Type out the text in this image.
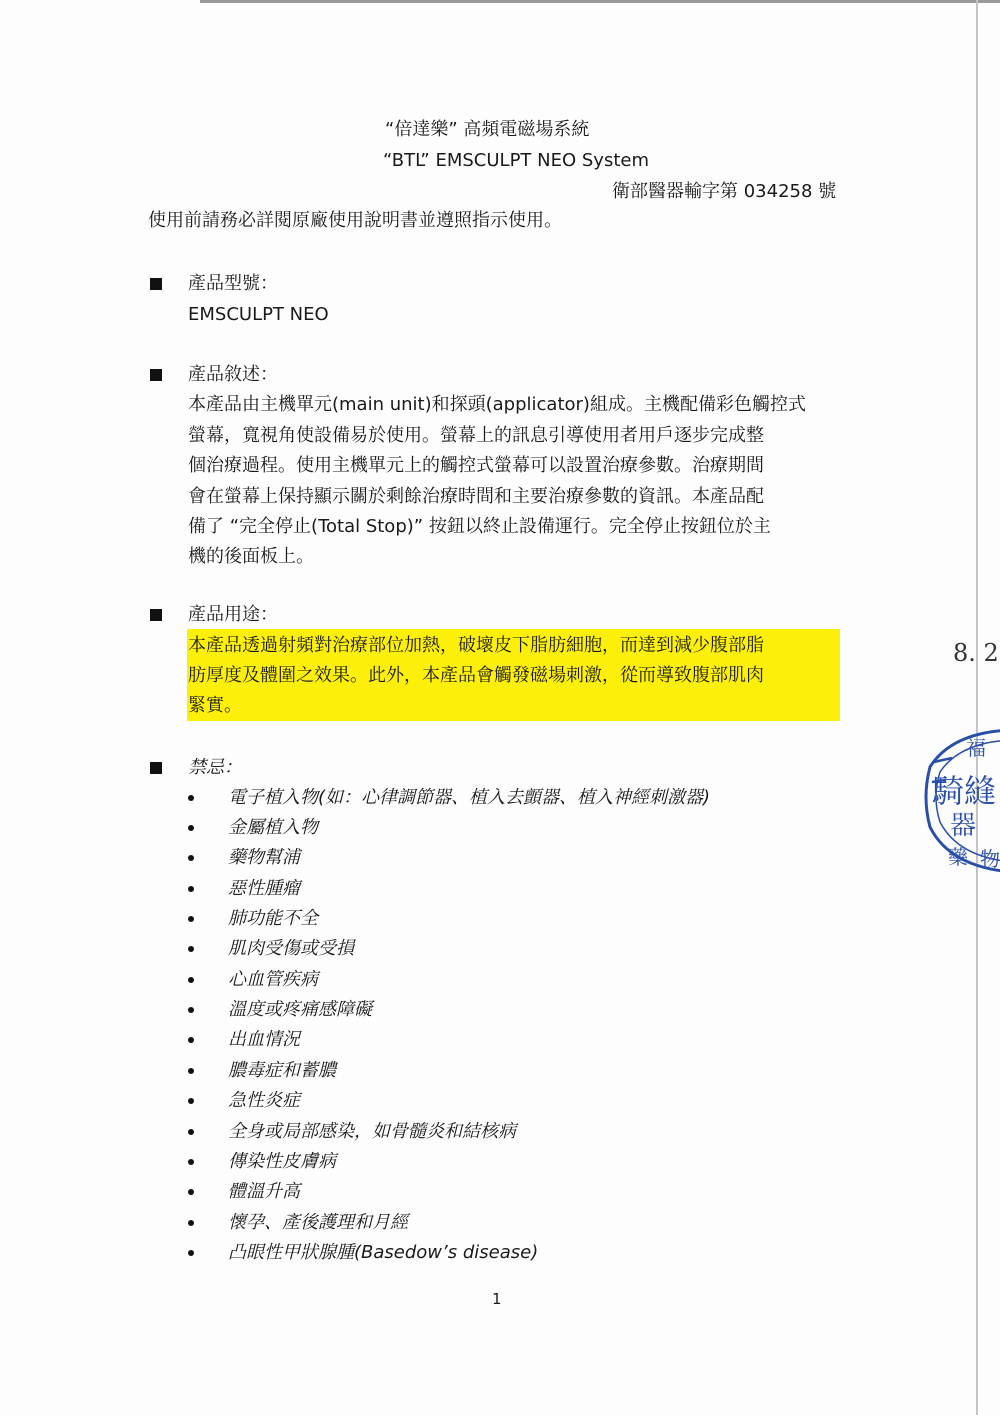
“倍達樂” 高頻電磁場系統
“BTL” EMSCULPT NEO System
衛部醫器輸字第 034258 號
使用前請務必詳閱原廠使用說明書並遵照指示使用。
產品型號：
EMSCULPT NEO
產品敘述：
本產品由主機單元(main unit)和探頭(applicator)組成。主機配備彩色觸控式
螢幕，寬視角使設備易於使用。螢幕上的訊息引導使用者用戶逐步完成整
個治療過程。使用主機單元上的觸控式螢幕可以設置治療參數。治療期間
會在螢幕上保持顯示關於剩餘治療時間和主要治療參數的資訊。本產品配
備了 “完全停止(Total Stop)” 按鈕以終止設備運行。完全停止按鈕位於主
機的後面板上。
產品用途：
本產品透過射頻對治療部位加熱，破壞皮下脂肪細胞，而達到減少腹部脂
肪厚度及體圍之效果。此外，本產品會觸發磁場刺激，從而導致腹部肌肉
緊實。
禁忌：
電子植入物(如：心律調節器、植入去顫器、植入神經刺激器)
金屬植入物
藥物幫浦
惡性腫瘤
肺功能不全
肌肉受傷或受損
心血管疾病
溫度或疼痛感障礙
出血情況
膿毒症和蓄膿
急性炎症
全身或局部感染，如骨髓炎和結核病
傳染性皮膚病
體溫升高
懷孕、產後護理和月經
凸眼性甲狀腺腫(Basedow’s disease)
1
8. 2
福
騎縫
器
藥 物
